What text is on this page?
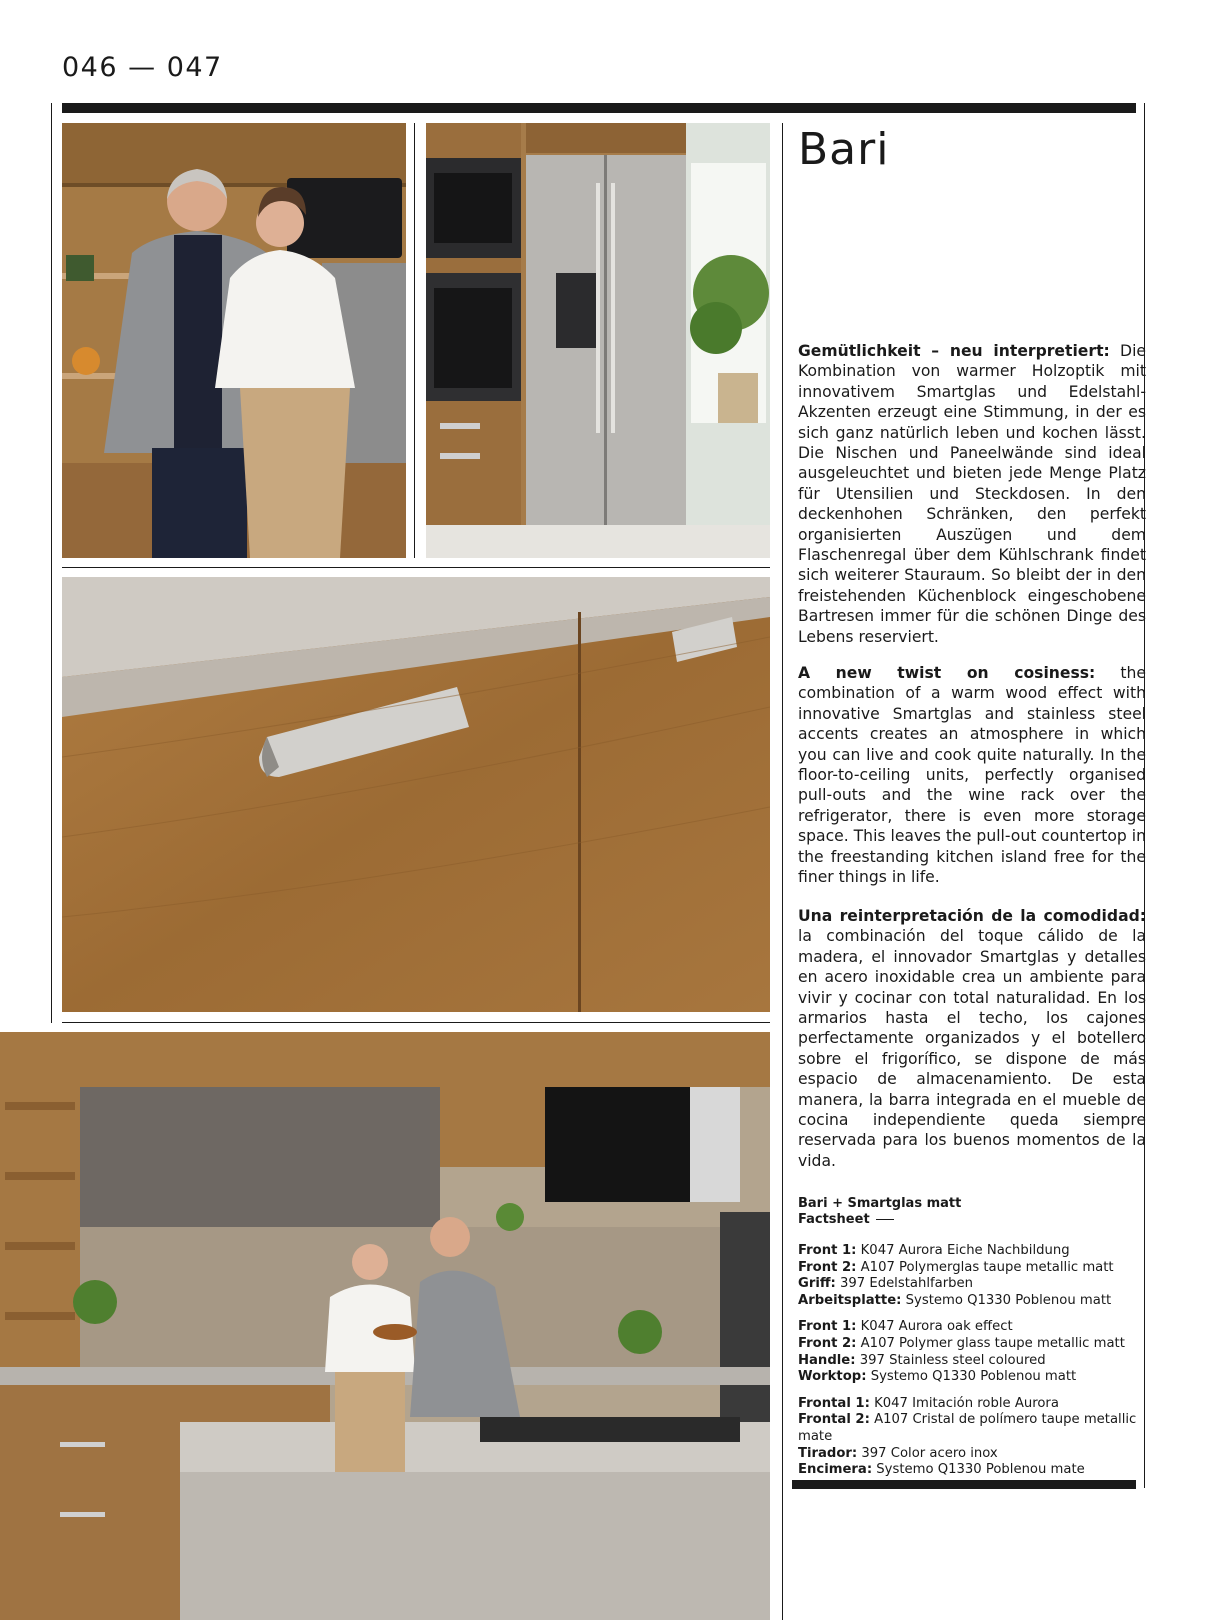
046 — 047
Bari
Gemütlichkeit – neu interpretiert: Die Kombination von warmer Holzoptik mit innovativem Smartglas und Edelstahl-Akzenten erzeugt eine Stimmung, in der es sich ganz natürlich leben und kochen lässt. Die Nischen und Paneelwände sind ideal ausgeleuchtet und bieten jede Menge Platz für Utensilien und Steckdosen. In den deckenhohen Schränken, den perfekt organisierten Auszügen und dem Flaschenregal über dem Kühlschrank findet sich weiterer Stauraum. So bleibt der in den freistehenden Küchenblock eingeschobene Bartresen immer für die schönen Dinge des Lebens reserviert.
A new twist on cosiness: the combination of a warm wood effect with innovative Smartglas and stainless steel accents creates an atmosphere in which you can live and cook quite naturally. In the floor-to-ceiling units, perfectly organised pull-outs and the wine rack over the refrigerator, there is even more storage space. This leaves the pull-out countertop in the freestanding kitchen island free for the finer things in life.
Una reinterpretación de la comodidad: la combinación del toque cálido de la madera, el innovador Smartglas y detalles en acero inoxidable crea un ambiente para vivir y cocinar con total naturalidad. En los armarios hasta el techo, los cajones perfectamente organizados y el botellero sobre el frigorífico, se dispone de más espacio de almacenamiento. De esta manera, la barra integrada en el mueble de cocina independiente queda siempre reservada para los buenos momentos de la vida.
Bari + Smartglas matt
Factsheet
Front 1: K047 Aurora Eiche Nachbildung
Front 2: A107 Polymerglas taupe metallic matt
Griff: 397 Edelstahlfarben
Arbeitsplatte: Systemo Q1330 Poblenou matt
Front 1: K047 Aurora oak effect
Front 2: A107 Polymer glass taupe metallic matt
Handle: 397 Stainless steel coloured
Worktop: Systemo Q1330 Poblenou matt
Frontal 1: K047 Imitación roble Aurora
Frontal 2: A107 Cristal de polímero taupe metallic mate
Tirador: 397 Color acero inox
Encimera: Systemo Q1330 Poblenou mate
